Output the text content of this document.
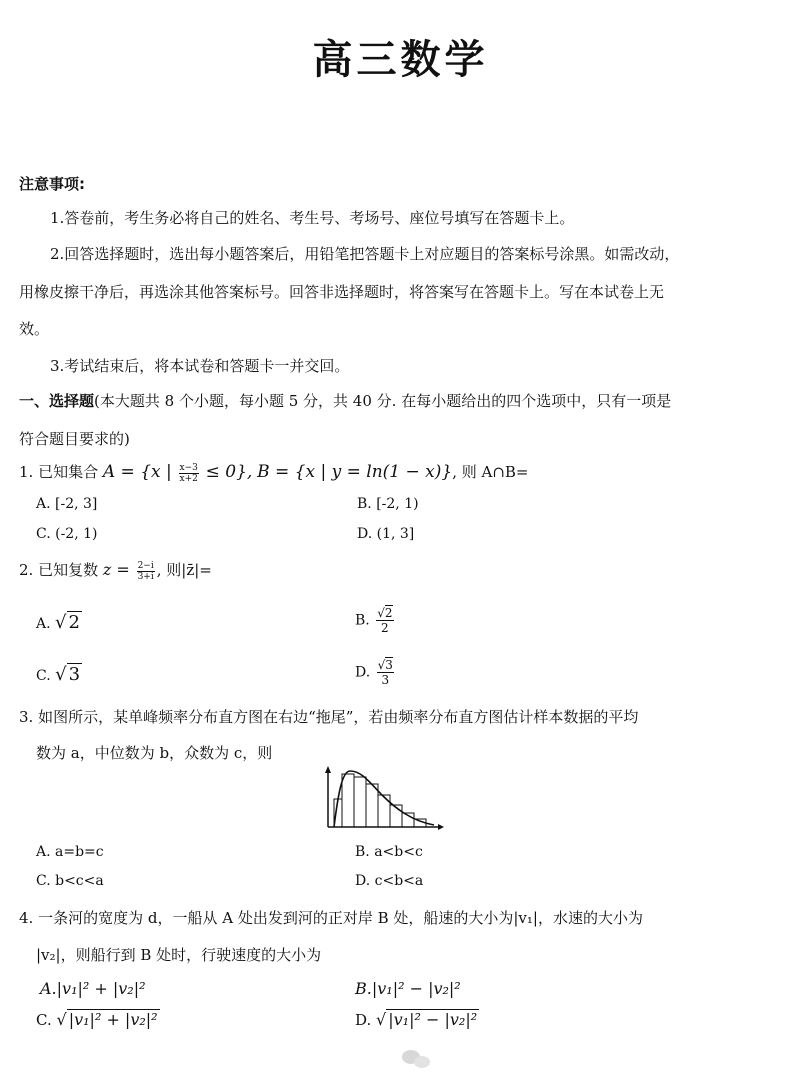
高三数学
注意事项:
1.答卷前，考生务必将自己的姓名、考生号、考场号、座位号填写在答题卡上。
2.回答选择题时，选出每小题答案后，用铅笔把答题卡上对应题目的答案标号涂黑。如需改动，
用橡皮擦干净后，再选涂其他答案标号。回答非选择题时，将答案写在答题卡上。写在本试卷上无
效。
3.考试结束后，将本试卷和答题卡一并交回。
一、选择题(本大题共 8 个小题，每小题 5 分，共 40 分. 在每小题给出的四个选项中，只有一项是
符合题目要求的)
1. 已知集合 A = {x | $\frac{x-3}{x+2} \le 0$}, B = {x | y = ln(1 − x)}, 则 A∩B=
A. [-2, 3]	B. [-2, 1)
C. (-2, 1)	D. (1, 3]
2. 已知复数 $z = \frac{2-i}{3+i}$ , 则|z̄|=
A. √ 2	B. $\frac{√2}{2}$
C. √ 3	D. $\frac{√3}{3}$
3. 如图所示，某单峰频率分布直方图在右边“拖尾”，若由频率分布直方图估计样本数据的平均
数为 a，中位数为 b，众数为 c，则
A. a=b=c	B. a<b<c
C. b<c<a	D. c<b<a
4. 一条河的宽度为 d，一船从 A 处出发到河的正对岸 B 处，船速的大小为|v₁|，水速的大小为
|v₂|，则船行到 B 处时，行驶速度的大小为
A.|v₁|² + |v₂|²	B.|v₁|² − |v₂|²
C. √ |v₁|² + |v₂|²	D. √ |v₁|² − |v₂|²
